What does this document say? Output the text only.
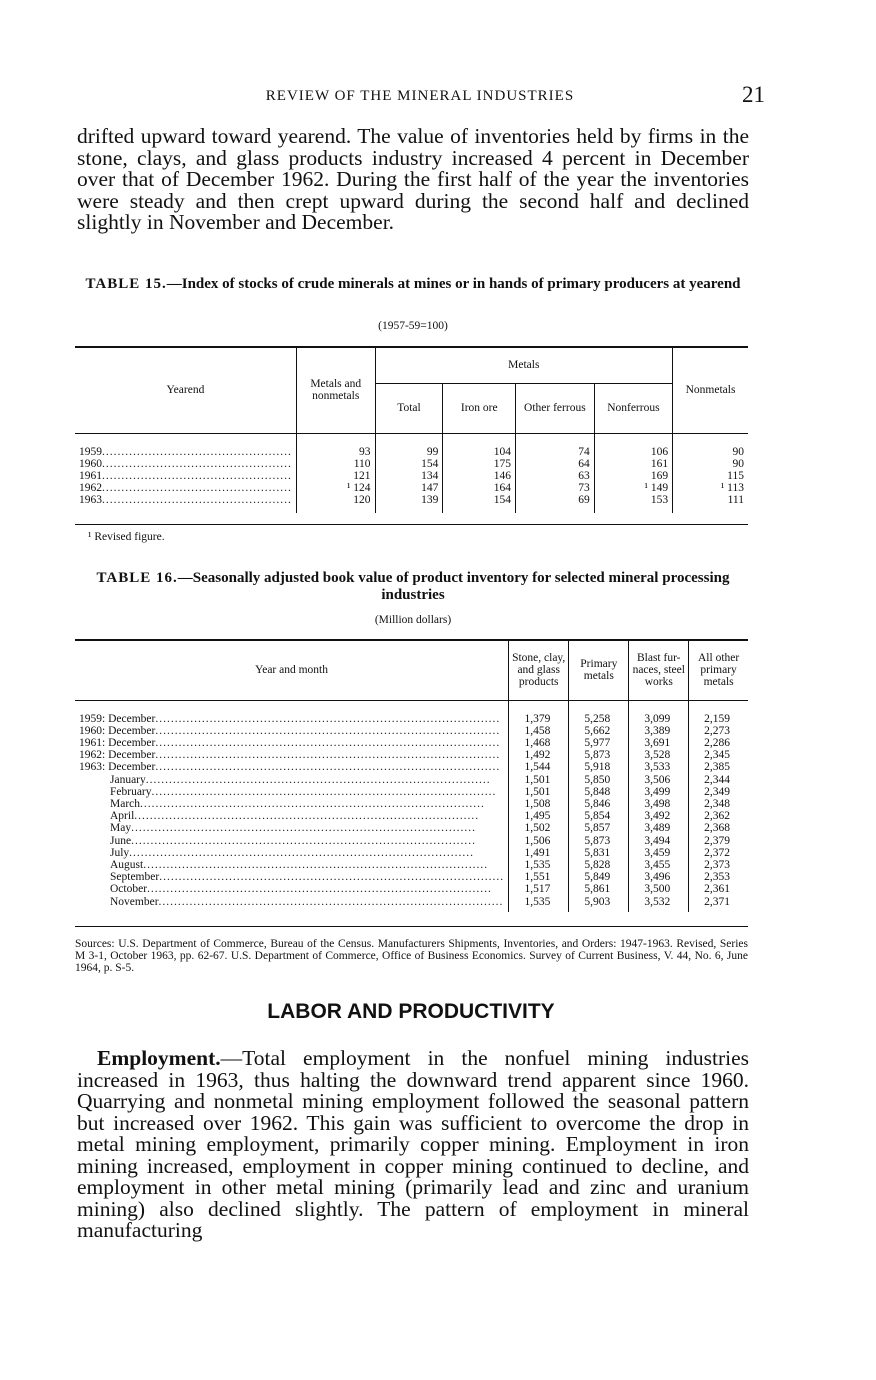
REVIEW OF THE MINERAL INDUSTRIES	21
drifted upward toward yearend. The value of inventories held by firms in the stone, clays, and glass products industry increased 4 percent in December over that of December 1962. During the first half of the year the inventories were steady and then crept upward during the second half and declined slightly in November and December.
TABLE 15.—Index of stocks of crude minerals at mines or in hands of primary producers at yearend
(1957-59=100)
Yearend	Metals and nonmetals	Metals				Nonmetals
		Total	Iron ore	Other ferrous	Nonferrous	
1959.................................................	93	99	104	74	106	90
1960.................................................	110	154	175	64	161	90
1961.................................................	121	134	146	63	169	115
1962.................................................	¹ 124	147	164	73	¹ 149	¹ 113
1963.................................................	120	139	154	69	153	111
¹ Revised figure.
TABLE 16.—Seasonally adjusted book value of product inventory for selected mineral processing industries
(Million dollars)
Year and month	Stone, clay, and glass products	Primary metals	Blast fur- naces, steel works	All other primary metals
1959: December.........................................................................................	1,379	5,258	3,099	2,159
1960: December.........................................................................................	1,458	5,662	3,389	2,273
1961: December.........................................................................................	1,468	5,977	3,691	2,286
1962: December.........................................................................................	1,492	5,873	3,528	2,345
1963: December.........................................................................................	1,544	5,918	3,533	2,385
January.........................................................................................	1,501	5,850	3,506	2,344
February.........................................................................................	1,501	5,848	3,499	2,349
March.........................................................................................	1,508	5,846	3,498	2,348
April.........................................................................................	1,495	5,854	3,492	2,362
May.........................................................................................	1,502	5,857	3,489	2,368
June.........................................................................................	1,506	5,873	3,494	2,379
July.........................................................................................	1,491	5,831	3,459	2,372
August.........................................................................................	1,535	5,828	3,455	2,373
September.........................................................................................	1,551	5,849	3,496	2,353
October.........................................................................................	1,517	5,861	3,500	2,361
November.........................................................................................	1,535	5,903	3,532	2,371
Sources: U.S. Department of Commerce, Bureau of the Census. Manufacturers Shipments, Inventories, and Orders: 1947-1963. Revised, Series M 3-1, October 1963, pp. 62-67. U.S. Department of Commerce, Office of Business Economics. Survey of Current Business, V. 44, No. 6, June 1964, p. S-5.
LABOR AND PRODUCTIVITY
Employment.—Total employment in the nonfuel mining industries increased in 1963, thus halting the downward trend apparent since 1960. Quarrying and nonmetal mining employment followed the seasonal pattern but increased over 1962. This gain was sufficient to overcome the drop in metal mining employment, primarily copper mining. Employment in iron mining increased, employment in copper mining continued to decline, and employment in other metal mining (primarily lead and zinc and uranium mining) also declined slightly. The pattern of employment in mineral manufacturing
